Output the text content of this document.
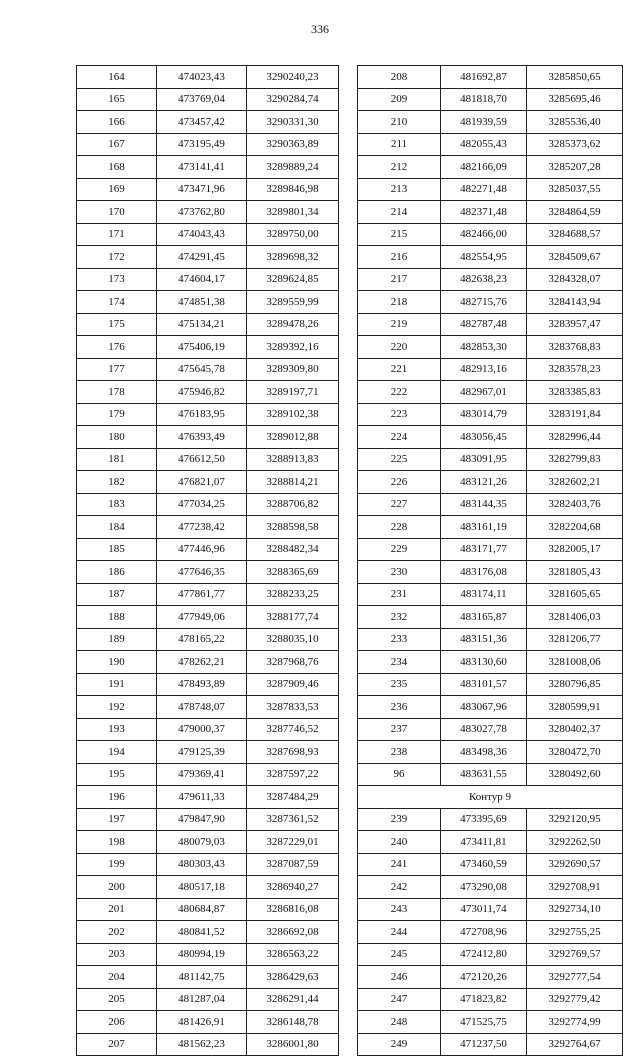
336
164	474023,43	3290240,23
165	473769,04	3290284,74
166	473457,42	3290331,30
167	473195,49	3290363,89
168	473141,41	3289889,24
169	473471,96	3289846,98
170	473762,80	3289801,34
171	474043,43	3289750,00
172	474291,45	3289698,32
173	474604,17	3289624,85
174	474851,38	3289559,99
175	475134,21	3289478,26
176	475406,19	3289392,16
177	475645,78	3289309,80
178	475946,82	3289197,71
179	476183,95	3289102,38
180	476393,49	3289012,88
181	476612,50	3288913,83
182	476821,07	3288814,21
183	477034,25	3288706,82
184	477238,42	3288598,58
185	477446,96	3288482,34
186	477646,35	3288365,69
187	477861,77	3288233,25
188	477949,06	3288177,74
189	478165,22	3288035,10
190	478262,21	3287968,76
191	478493,89	3287909,46
192	478748,07	3287833,53
193	479000,37	3287746,52
194	479125,39	3287698,93
195	479369,41	3287597,22
196	479611,33	3287484,29
197	479847,90	3287361,52
198	480079,03	3287229,01
199	480303,43	3287087,59
200	480517,18	3286940,27
201	480684,87	3286816,08
202	480841,52	3286692,08
203	480994,19	3286563,22
204	481142,75	3286429,63
205	481287,04	3286291,44
206	481426,91	3286148,78
207	481562,23	3286001,80
208	481692,87	3285850,65
209	481818,70	3285695,46
210	481939,59	3285536,40
211	482055,43	3285373,62
212	482166,09	3285207,28
213	482271,48	3285037,55
214	482371,48	3284864,59
215	482466,00	3284688,57
216	482554,95	3284509,67
217	482638,23	3284328,07
218	482715,76	3284143,94
219	482787,48	3283957,47
220	482853,30	3283768,83
221	482913,16	3283578,23
222	482967,01	3283385,83
223	483014,79	3283191,84
224	483056,45	3282996,44
225	483091,95	3282799,83
226	483121,26	3282602,21
227	483144,35	3282403,76
228	483161,19	3282204,68
229	483171,77	3282005,17
230	483176,08	3281805,43
231	483174,11	3281605,65
232	483165,87	3281406,03
233	483151,36	3281206,77
234	483130,60	3281008,06
235	483101,57	3280796,85
236	483067,96	3280599,91
237	483027,78	3280402,37
238	483498,36	3280472,70
96	483631,55	3280492,60
Контур 9		
239	473395,69	3292120,95
240	473411,81	3292262,50
241	473460,59	3292690,57
242	473290,08	3292708,91
243	473011,74	3292734,10
244	472708,96	3292755,25
245	472412,80	3292769,57
246	472120,26	3292777,54
247	471823,82	3292779,42
248	471525,75	3292774,99
249	471237,50	3292764,67
